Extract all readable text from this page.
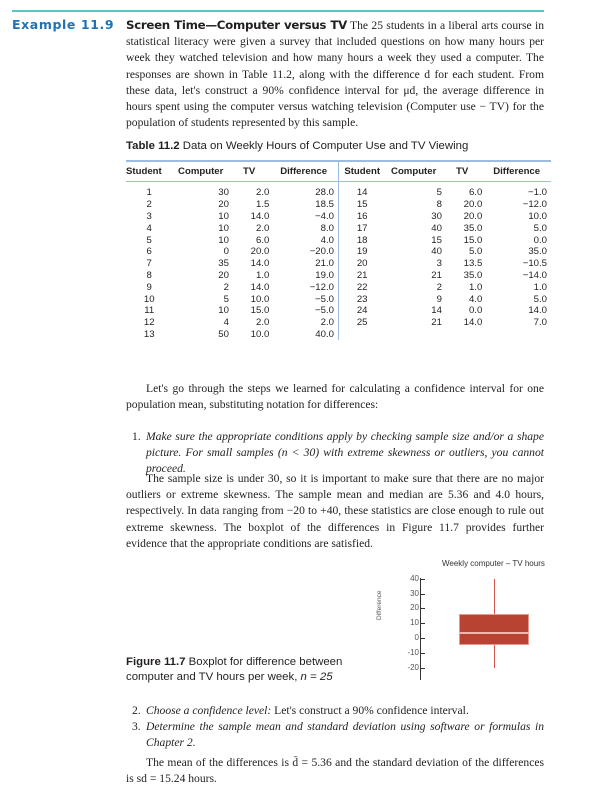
Example 11.9 Screen Time—Computer versus TV The 25 students in a liberal arts course in statistical literacy were given a survey that included questions on how many hours per week they watched television and how many hours a week they used a computer. The responses are shown in Table 11.2, along with the difference d for each student. From these data, let's construct a 90% confidence interval for μd, the average difference in hours spent using the computer versus watching television (Computer use − TV) for the population of students represented by this sample.
Table 11.2 Data on Weekly Hours of Computer Use and TV Viewing
Student	Computer	TV	Difference	Student	Computer	TV	Difference
1	30	2.0	28.0	14	5	6.0	−1.0
2	20	1.5	18.5	15	8	20.0	−12.0
3	10	14.0	−4.0	16	30	20.0	10.0
4	10	2.0	8.0	17	40	35.0	5.0
5	10	6.0	4.0	18	15	15.0	0.0
6	0	20.0	−20.0	19	40	5.0	35.0
7	35	14.0	21.0	20	3	13.5	−10.5
8	20	1.0	19.0	21	21	35.0	−14.0
9	2	14.0	−12.0	22	2	1.0	1.0
10	5	10.0	−5.0	23	9	4.0	5.0
11	10	15.0	−5.0	24	14	0.0	14.0
12	4	2.0	2.0	25	21	14.0	7.0
13	50	10.0	40.0				
Let's go through the steps we learned for calculating a confidence interval for one population mean, substituting notation for differences:
1. Make sure the appropriate conditions apply by checking sample size and/or a shape picture. For small samples (n < 30) with extreme skewness or outliers, you cannot proceed.
The sample size is under 30, so it is important to make sure that there are no major outliers or extreme skewness. The sample mean and median are 5.36 and 4.0 hours, respectively. In data ranging from −20 to +40, these statistics are close enough to rule out extreme skewness. The boxplot of the differences in Figure 11.7 provides further evidence that the appropriate conditions are satisfied.
Weekly computer – TV hours
Difference
40
30
20
10
0
-10
-20
Figure 11.7 Boxplot for difference between computer and TV hours per week, n = 25
2. Choose a confidence level: Let's construct a 90% confidence interval.
3. Determine the sample mean and standard deviation using software or formulas in Chapter 2.
The mean of the differences is d̄ = 5.36 and the standard deviation of the differences is sd = 15.24 hours.
